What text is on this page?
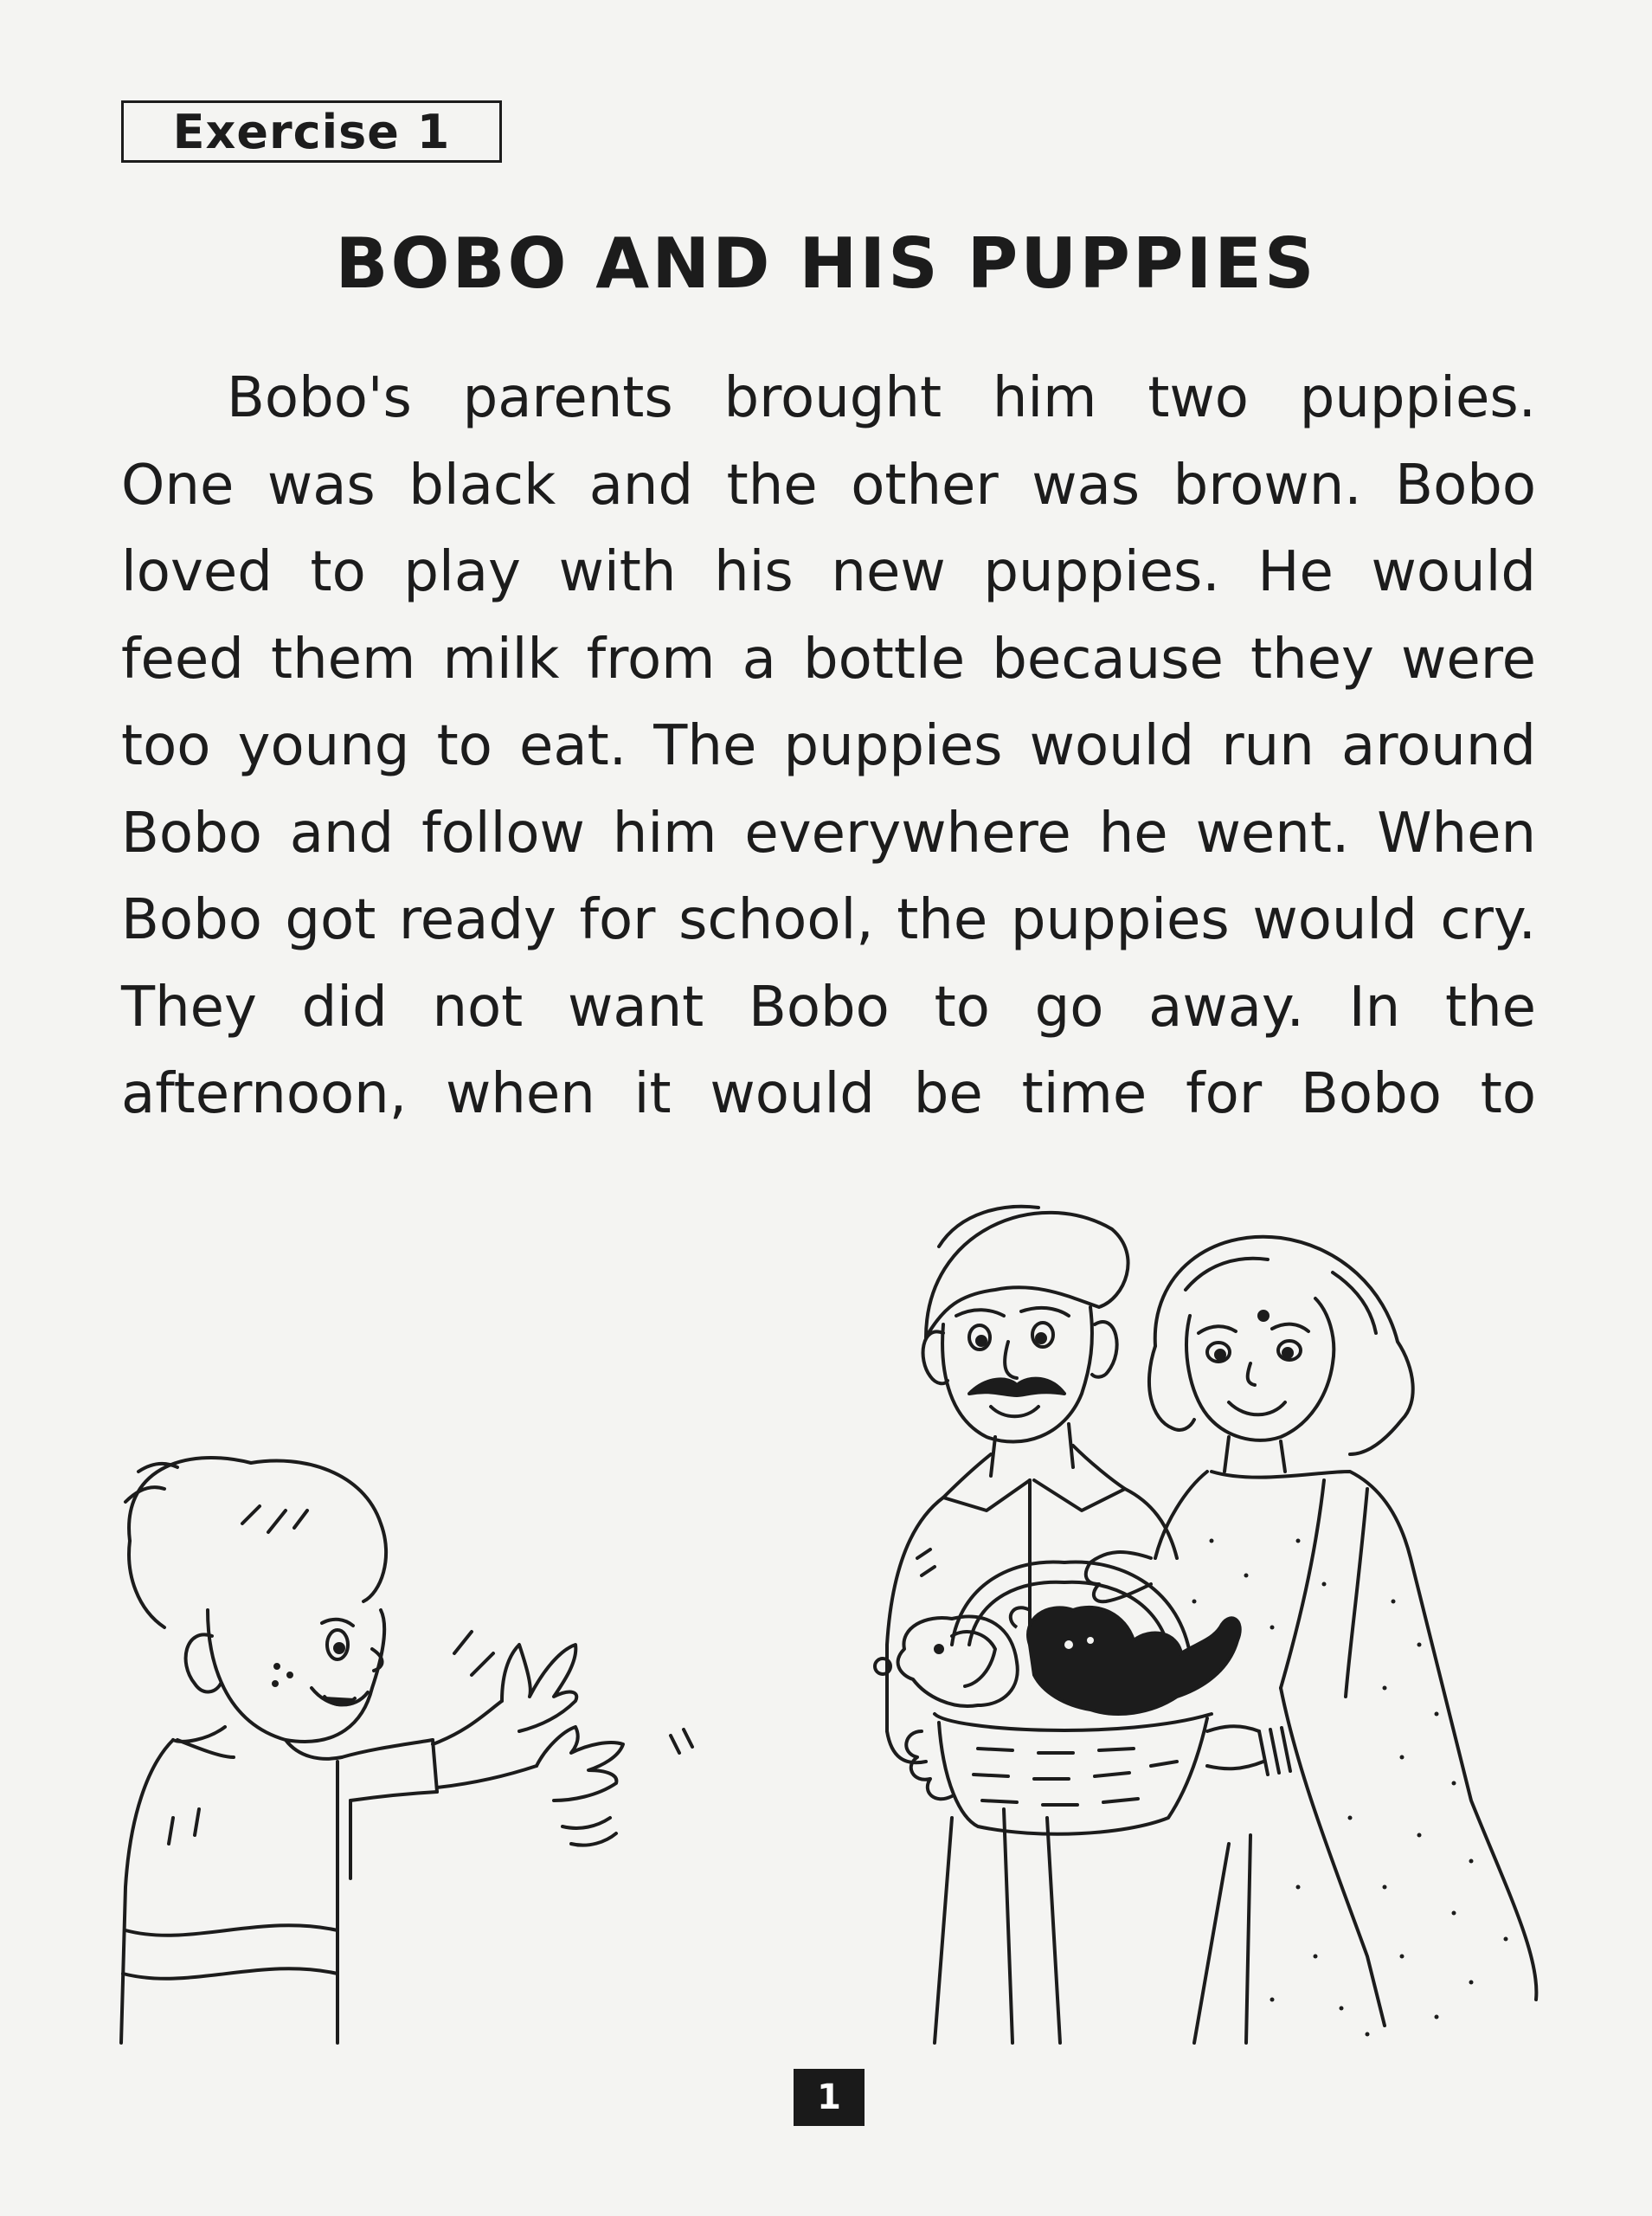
Exercise 1
BOBO AND HIS PUPPIES
Bobo's parents brought him two puppies.
One was black and the other was brown. Bobo
loved to play with his new puppies. He would
feed them milk from a bottle because they were
too young to eat. The puppies would run around
Bobo and follow him everywhere he went. When
Bobo got ready for school, the puppies would cry.
They did not want Bobo to go away. In the
afternoon, when it would be time for Bobo to
1
